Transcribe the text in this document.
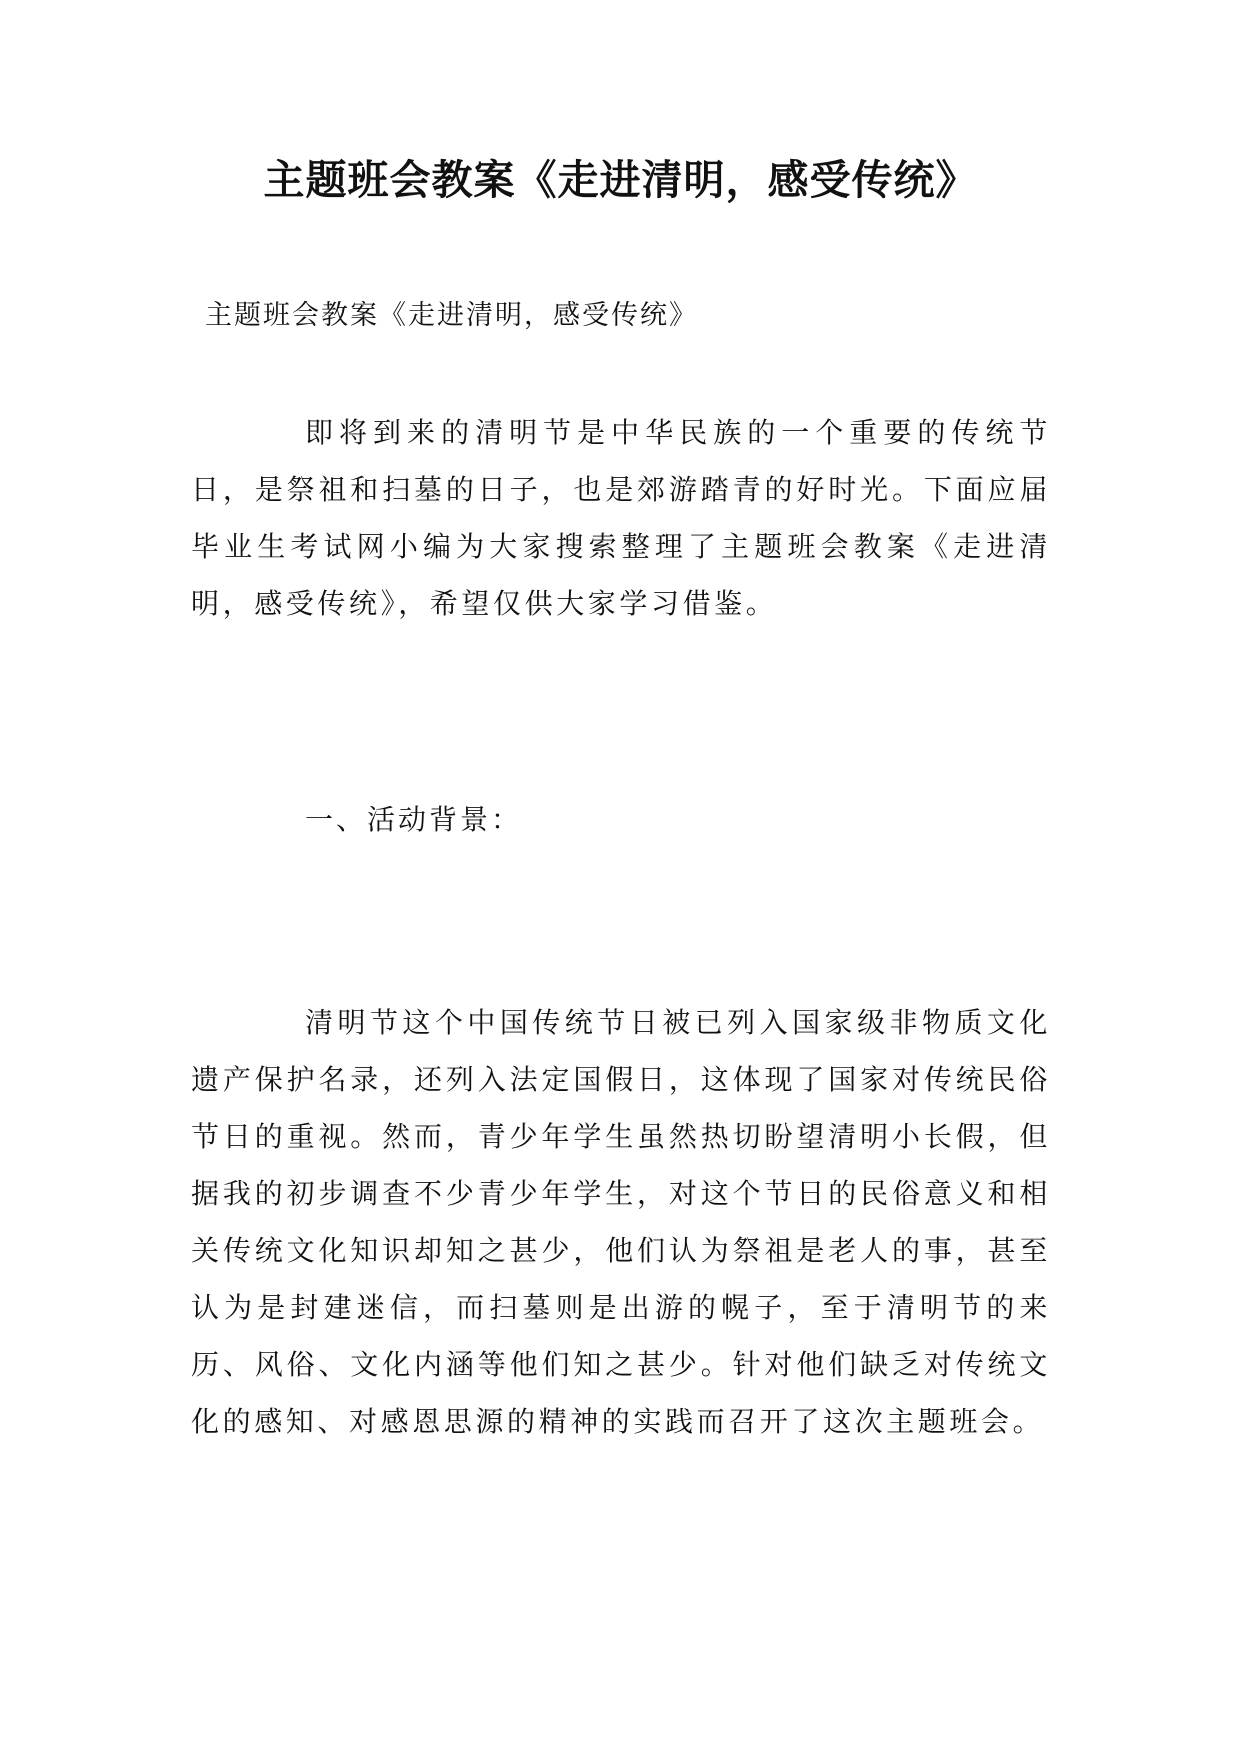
主题班会教案《走进清明，感受传统》

主题班会教案《走进清明，感受传统》

即将到来的清明节是中华民族的一个重要的传统节日，是祭祖和扫墓的日子，也是郊游踏青的好时光。下面应届毕业生考试网小编为大家搜索整理了主题班会教案《走进清明，感受传统》，希望仅供大家学习借鉴。

一、活动背景：

清明节这个中国传统节日被已列入国家级非物质文化遗产保护名录，还列入法定国假日，这体现了国家对传统民俗节日的重视。然而，青少年学生虽然热切盼望清明小长假，但据我的初步调查不少青少年学生，对这个节日的民俗意义和相关传统文化知识却知之甚少，他们认为祭祖是老人的事，甚至认为是封建迷信，而扫墓则是出游的幌子，至于清明节的来历、风俗、文化内涵等他们知之甚少。针对他们缺乏对传统文化的感知、对感恩思源的精神的实践而召开了这次主题班会。
